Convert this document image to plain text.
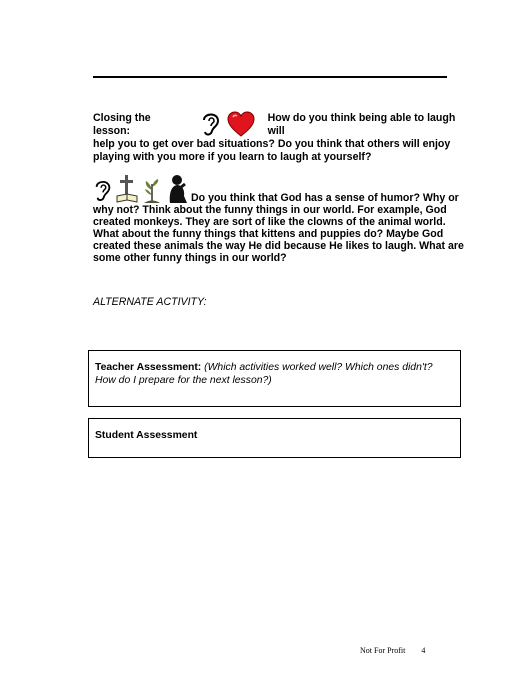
Closing the lesson:
How do you think being able to laugh will
help you to get over bad situations? Do you think that others will enjoy playing with you more if you learn to laugh at yourself?
Do you think that God has a sense of humor? Why or
why not? Think about the funny things in our world. For example, God created monkeys. They are sort of like the clowns of the animal world. What about the funny things that kittens and puppies do? Maybe God created these animals the way He did because He likes to laugh. What are some other funny things in our world?
ALTERNATE ACTIVITY:
Teacher Assessment: (Which activities worked well? Which ones didn't? How do I prepare for the next lesson?)
Student Assessment
Not For Profit 4
